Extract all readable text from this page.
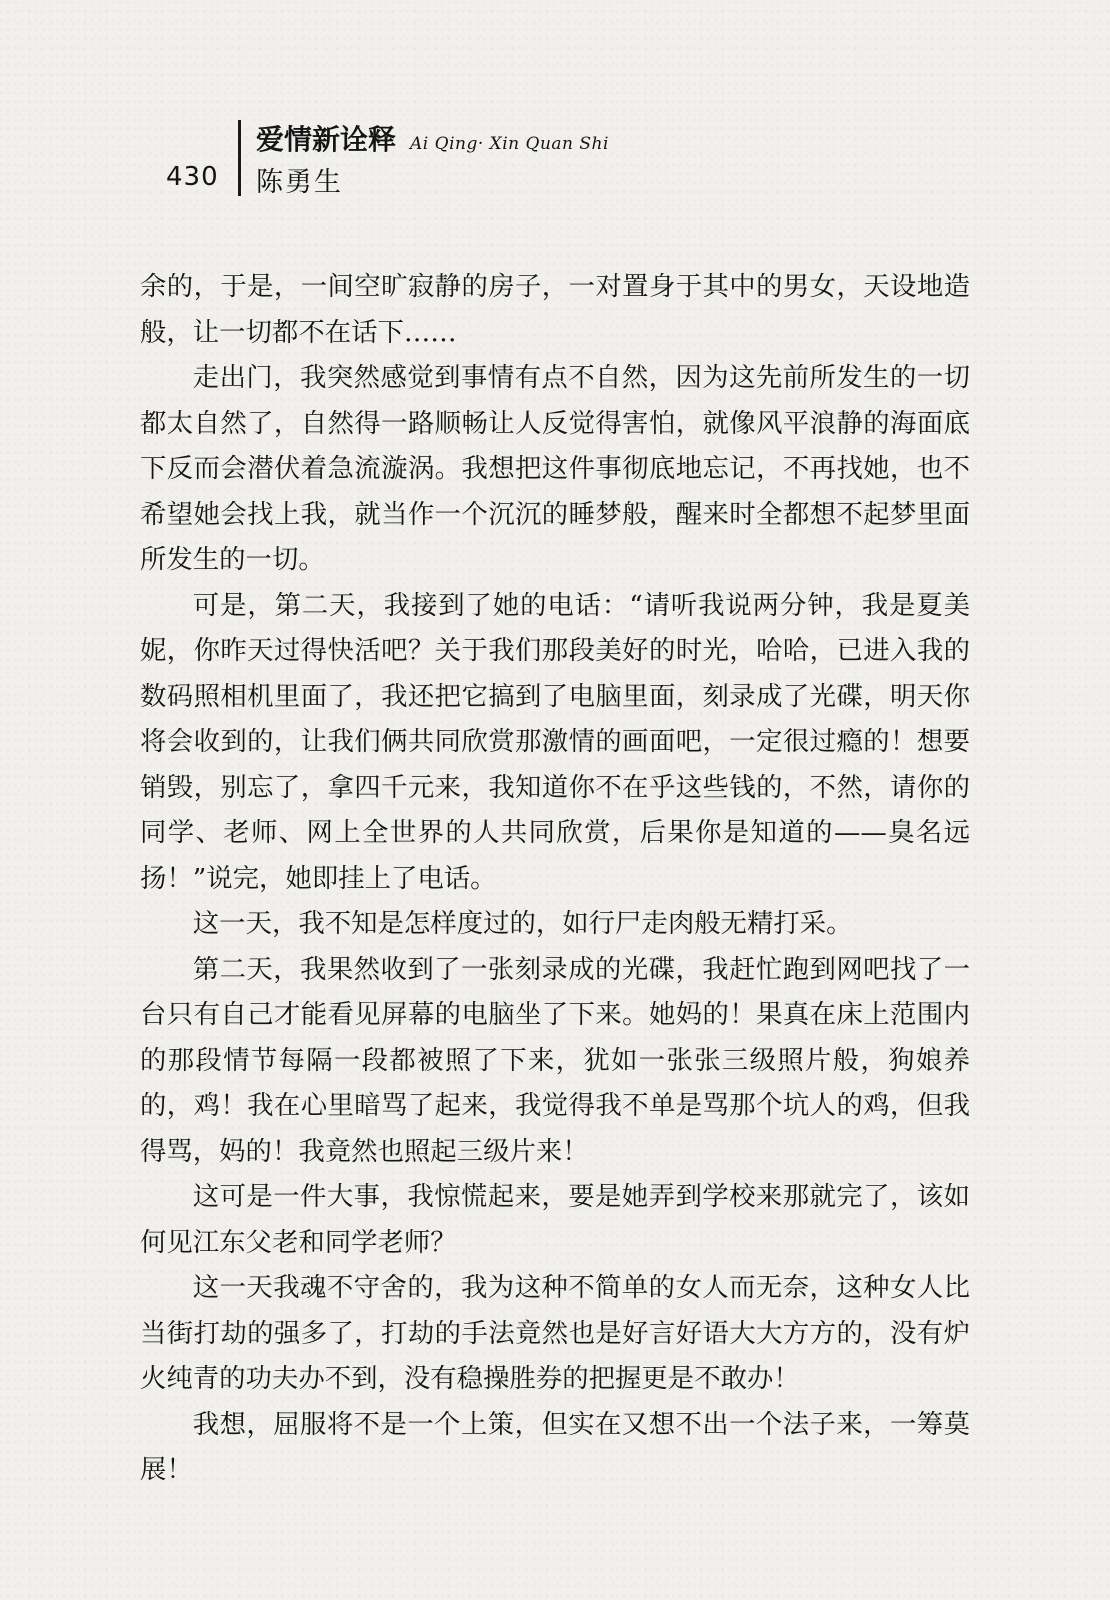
430
爱情新诠释 Ai Qing· Xin Quan Shi
陈勇生

余的，于是，一间空旷寂静的房子，一对置身于其中的男女，天设地造般，让一切都不在话下……

走出门，我突然感觉到事情有点不自然，因为这先前所发生的一切都太自然了，自然得一路顺畅让人反觉得害怕，就像风平浪静的海面底下反而会潜伏着急流漩涡。我想把这件事彻底地忘记，不再找她，也不希望她会找上我，就当作一个沉沉的睡梦般，醒来时全都想不起梦里面所发生的一切。

可是，第二天，我接到了她的电话：“请听我说两分钟，我是夏美妮，你昨天过得快活吧？关于我们那段美好的时光，哈哈，已进入我的数码照相机里面了，我还把它搞到了电脑里面，刻录成了光碟，明天你将会收到的，让我们俩共同欣赏那激情的画面吧，一定很过瘾的！想要销毁，别忘了，拿四千元来，我知道你不在乎这些钱的，不然，请你的同学、老师、网上全世界的人共同欣赏，后果你是知道的——臭名远扬！”说完，她即挂上了电话。

这一天，我不知是怎样度过的，如行尸走肉般无精打采。

第二天，我果然收到了一张刻录成的光碟，我赶忙跑到网吧找了一台只有自己才能看见屏幕的电脑坐了下来。她妈的！果真在床上范围内的那段情节每隔一段都被照了下来，犹如一张张三级照片般，狗娘养的，鸡！我在心里暗骂了起来，我觉得我不单是骂那个坑人的鸡，但我得骂，妈的！我竟然也照起三级片来！

这可是一件大事，我惊慌起来，要是她弄到学校来那就完了，该如何见江东父老和同学老师？

这一天我魂不守舍的，我为这种不简单的女人而无奈，这种女人比当街打劫的强多了，打劫的手法竟然也是好言好语大大方方的，没有炉火纯青的功夫办不到，没有稳操胜券的把握更是不敢办！

我想，屈服将不是一个上策，但实在又想不出一个法子来，一筹莫展！
